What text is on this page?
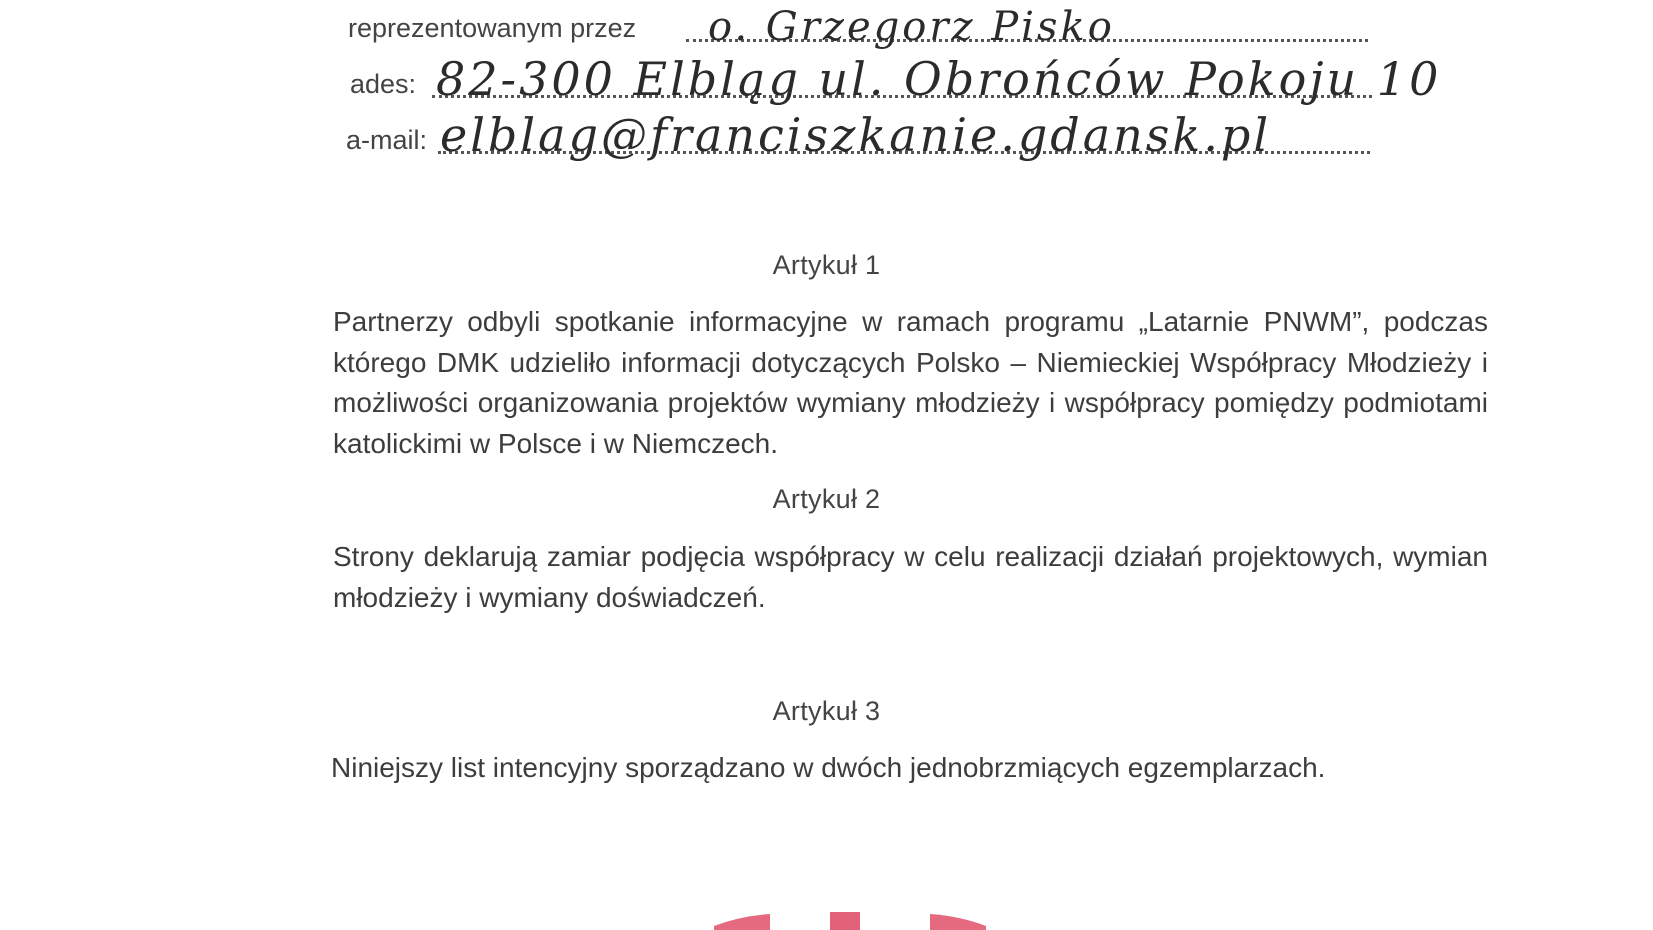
reprezentowanym przez o. Grzegorz Pisko
ades: 82-300 Elbląg ul. Obrońców Pokoju 10
a-mail: elblag@franciszkanie.gdansk.pl
Artykuł 1

Partnerzy odbyli spotkanie informacyjne w ramach programu „Latarnie PNWM”, podczas którego DMK udzieliło informacji dotyczących Polsko – Niemieckiej Współpracy Młodzieży i możliwości organizowania projektów wymiany młodzieży i współpracy pomiędzy podmiotami katolickimi w Polsce i w Niemczech.

Artykuł 2

Strony deklarują zamiar podjęcia współpracy w celu realizacji działań projektowych, wymian młodzieży i wymiany doświadczeń.

Artykuł 3
Niniejszy list intencyjny sporządzano w dwóch jednobrzmiących egzemplarzach.
